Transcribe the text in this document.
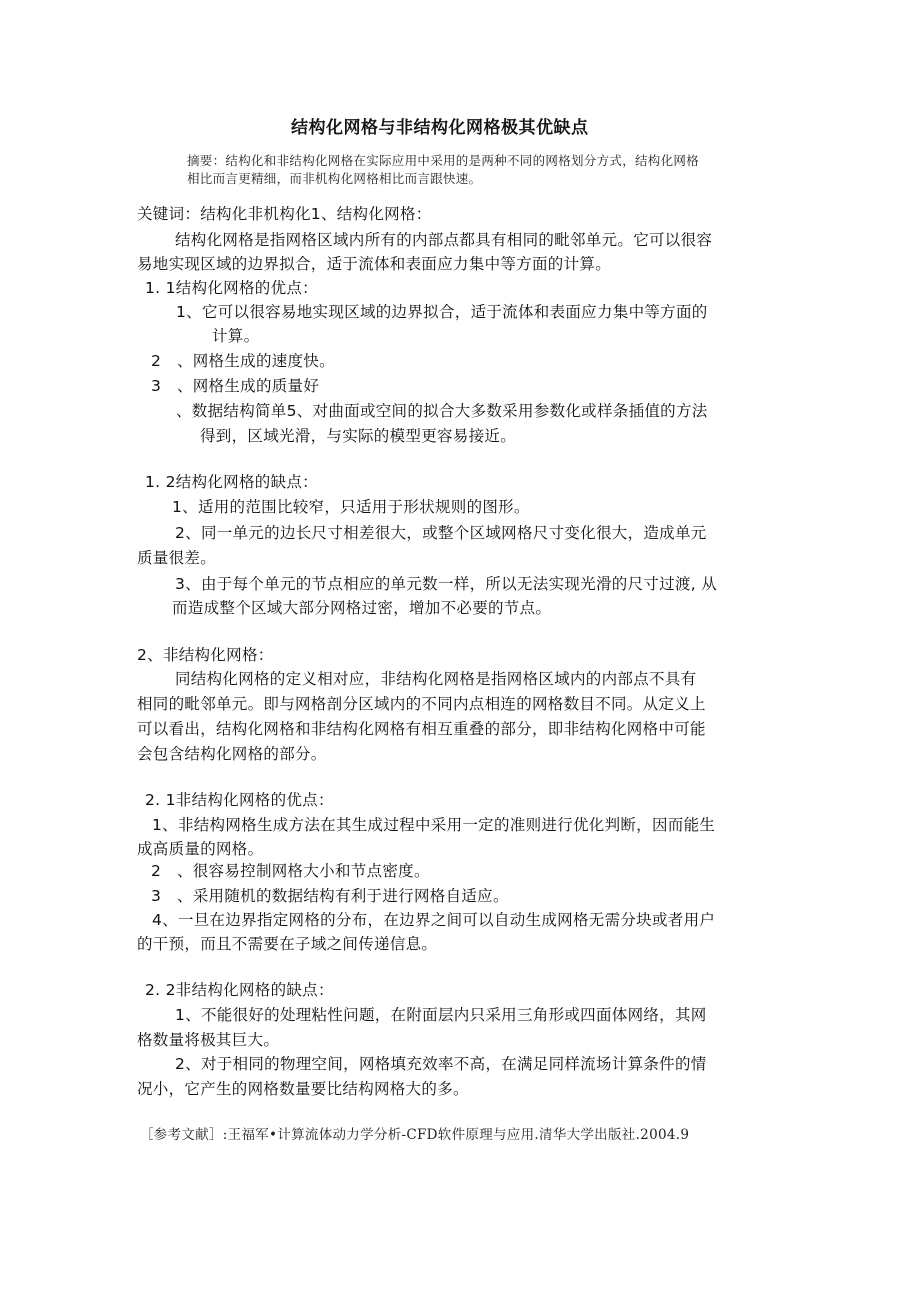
结构化网格与非结构化网格极其优缺点
摘要：结构化和非结构化网格在实际应用中采用的是两种不同的网格划分方式，结构化网格
相比而言更精细，而非机构化网格相比而言跟快速。
关键词：结构化非机构化1、结构化网格：
结构化网格是指网格区域内所有的内部点都具有相同的毗邻单元。它可以很容
易地实现区域的边界拟合，适于流体和表面应力集中等方面的计算。
1. 1结构化网格的优点：
1、它可以很容易地实现区域的边界拟合，适于流体和表面应力集中等方面的
计算。
2　、网格生成的速度快。
3　、网格生成的质量好
、数据结构简单5、对曲面或空间的拟合大多数采用参数化或样条插值的方法
得到，区域光滑，与实际的模型更容易接近。
1. 2结构化网格的缺点：
1、适用的范围比较窄，只适用于形状规则的图形。
2、同一单元的边长尺寸相差很大，或整个区域网格尺寸变化很大，造成单元
质量很差。
3、由于每个单元的节点相应的单元数一样，所以无法实现光滑的尺寸过渡, 从
而造成整个区域大部分网格过密，增加不必要的节点。
2、非结构化网格：
同结构化网格的定义相对应，非结构化网格是指网格区域内的内部点不具有
相同的毗邻单元。即与网格剖分区域内的不同内点相连的网格数目不同。从定义上
可以看出，结构化网格和非结构化网格有相互重叠的部分，即非结构化网格中可能
会包含结构化网格的部分。
2. 1非结构化网格的优点：
1、非结构网格生成方法在其生成过程中采用一定的准则进行优化判断，因而能生
成高质量的网格。
2　、很容易控制网格大小和节点密度。
3　、采用随机的数据结构有利于进行网格自适应。
4、一旦在边界指定网格的分布，在边界之间可以自动生成网格无需分块或者用户
的干预，而且不需要在子域之间传递信息。
2. 2非结构化网格的缺点：
1、不能很好的处理粘性问题，在附面层内只采用三角形或四面体网络，其网
格数量将极其巨大。
2、对于相同的物理空间，网格填充效率不高，在满足同样流场计算条件的情
况小，它产生的网格数量要比结构网格大的多。
［参考文献］:王福军•计算流体动力学分析-CFD软件原理与应用.清华大学出版社.2004.9
